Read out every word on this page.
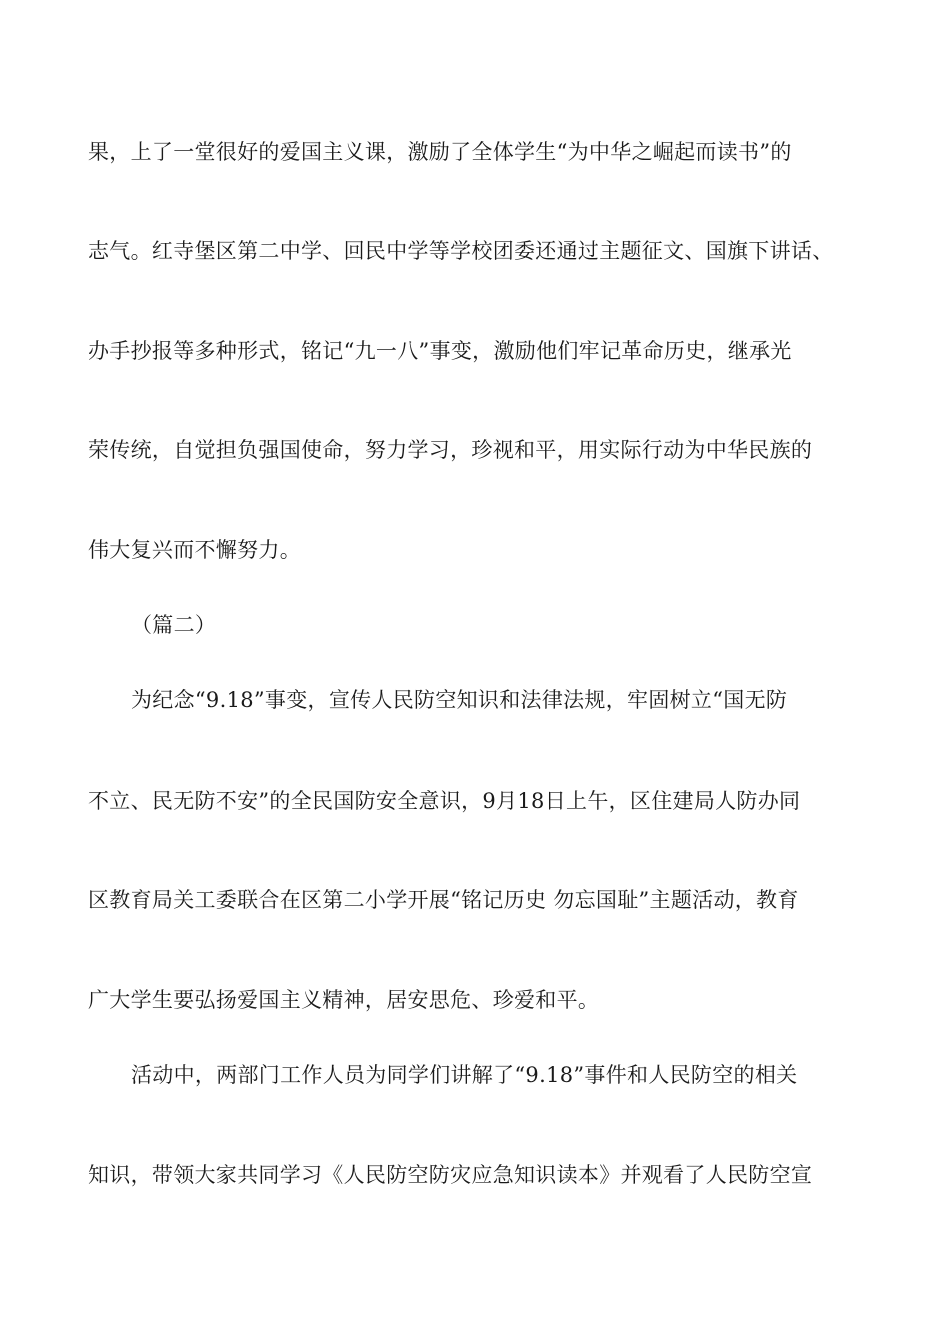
果，上了一堂很好的爱国主义课，激励了全体学生“为中华之崛起而读书”的
志气。红寺堡区第二中学、回民中学等学校团委还通过主题征文、国旗下讲话、
办手抄报等多种形式，铭记“九一八”事变，激励他们牢记革命历史，继承光
荣传统，自觉担负强国使命，努力学习，珍视和平，用实际行动为中华民族的
伟大复兴而不懈努力。
（篇二）
为纪念“9.18”事变，宣传人民防空知识和法律法规，牢固树立“国无防
不立、民无防不安”的全民国防安全意识，9月18日上午，区住建局人防办同
区教育局关工委联合在区第二小学开展“铭记历史 勿忘国耻”主题活动，教育
广大学生要弘扬爱国主义精神，居安思危、珍爱和平。
活动中，两部门工作人员为同学们讲解了“9.18”事件和人民防空的相关
知识，带领大家共同学习《人民防空防灾应急知识读本》并观看了人民防空宣
